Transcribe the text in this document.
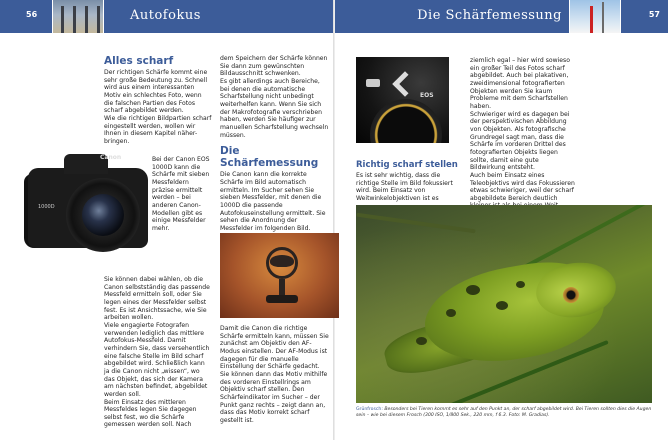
56	Autofokus	Die Schärfemessung	57
Alles scharf

Der richtigen Schärfe kommt eine sehr große Bedeutung zu. Schnell wird aus einem interessanten Motiv ein schlechtes Foto, wenn die falschen Partien des Fotos scharf abgebildet werden.

Wie die richtigen Bildpartien scharf eingestellt werden, wollen wir Ihnen in diesem Kapitel näher-bringen.

Canon
1000D

Bei der Canon EOS 1000D kann die Schärfe mit sieben Messfeldern präzise ermittelt werden – bei anderen Canon-Modellen gibt es einige Messfelder mehr.

Sie können dabei wählen, ob die Canon selbstständig das passende Messfeld ermitteln soll, oder Sie legen eines der Messfelder selbst fest. Es ist Ansichtssache, wie Sie arbeiten wollen.

Viele engagierte Fotografen verwenden lediglich das mittlere Autofokus-Messfeld. Damit verhindern Sie, dass versehentlich eine falsche Stelle im Bild scharf abgebildet wird. Schließlich kann ja die Canon nicht „wissen“, wo das Objekt, das sich der Kamera am nächsten befindet, abgebildet werden soll.

Beim Einsatz des mittleren Messfeldes legen Sie dagegen selbst fest, wo die Schärfe gemessen werden soll. Nach

dem Speichern der Schärfe können Sie dann zum gewünschten Bildausschnitt schwenken.

Es gibt allerdings auch Bereiche, bei denen die automatische Scharfstellung nicht unbedingt weiterhelfen kann. Wenn Sie sich der Makrofotografie verschrieben haben, werden Sie häufiger zur manuellen Scharfstellung wechseln müssen.

Die Schärfemessung

Die Canon kann die korrekte Schärfe im Bild automatisch ermitteln. Im Sucher sehen Sie sieben Messfelder, mit denen die 1000D die passende Autofokuseinstellung ermittelt. Sie sehen die Anordnung der Messfelder im folgenden Bild.

Damit die Canon die richtige Schärfe ermitteln kann, müssen Sie zunächst am Objektiv den AF-Modus einstellen. Der AF-Modus ist dagegen für die manuelle Einstellung der Schärfe gedacht. Sie können dann das Motiv mithilfe des vorderen Einstellrings am Objektiv scharf stellen. Den Schärfeindikator im Sucher – der Punkt ganz rechts – zeigt dann an, dass das Motiv korrekt scharf gestellt ist.

EOS
Richtig scharf stellen

Es ist sehr wichtig, dass die richtige Stelle im Bild fokussiert wird. Beim Einsatz von Weitwinkelobjektiven ist es

ziemlich egal – hier wird sowieso ein großer Teil des Fotos scharf abgebildet. Auch bei plakativen, zweidimensional fotografierten Objekten werden Sie kaum Probleme mit dem Scharfstellen haben.

Schwieriger wird es dagegen bei der perspektivischen Abbildung von Objekten. Als fotografische Grundregel sagt man, dass die Schärfe im vorderen Drittel des fotografierten Objekts liegen sollte, damit eine gute Bildwirkung entsteht.

Auch beim Einsatz eines Teleobjektivs wird das Fokussieren etwas schwieriger, weil der scharf abgebildete Bereich deutlich

Grünfrosch: Besonders bei Tieren kommt es sehr auf den Punkt an, der scharf abgebildet wird. Bei Tieren sollten dies die Augen sein – wie bei diesem Frosch (300 ISO, 1/800 Sek., 220 mm, f 6.3. Foto: M. Gradias).
